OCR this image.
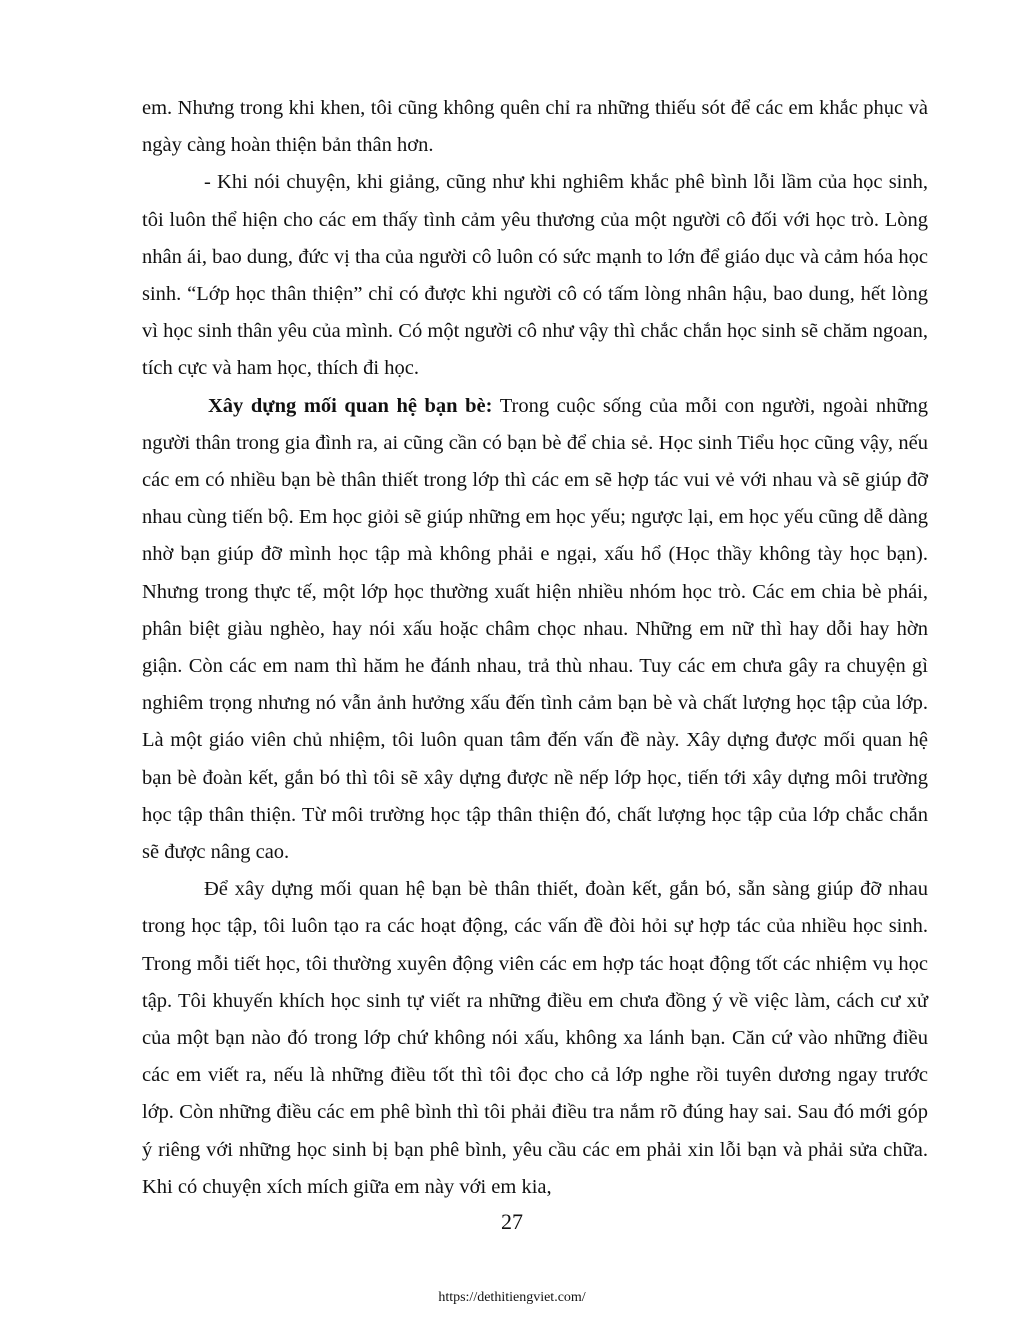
em. Nhưng trong khi khen, tôi cũng không quên chỉ ra những thiếu sót để các em khắc phục và ngày càng hoàn thiện bản thân hơn.

- Khi nói chuyện, khi giảng, cũng như khi nghiêm khắc phê bình lỗi lầm của học sinh, tôi luôn thể hiện cho các em thấy tình cảm yêu thương của một người cô đối với học trò. Lòng nhân ái, bao dung, đức vị tha của người cô luôn có sức mạnh to lớn để giáo dục và cảm hóa học sinh. “Lớp học thân thiện” chỉ có được khi người cô có tấm lòng nhân hậu, bao dung, hết lòng vì học sinh thân yêu của mình. Có một người cô như vậy thì chắc chắn học sinh sẽ chăm ngoan, tích cực và ham học, thích đi học.

Xây dựng mối quan hệ bạn bè: Trong cuộc sống của mỗi con người, ngoài những người thân trong gia đình ra, ai cũng cần có bạn bè để chia sẻ. Học sinh Tiểu học cũng vậy, nếu các em có nhiều bạn bè thân thiết trong lớp thì các em sẽ hợp tác vui vẻ với nhau và sẽ giúp đỡ nhau cùng tiến bộ. Em học giỏi sẽ giúp những em học yếu; ngược lại, em học yếu cũng dễ dàng nhờ bạn giúp đỡ mình học tập mà không phải e ngại, xấu hổ (Học thầy không tày học bạn). Nhưng trong thực tế, một lớp học thường xuất hiện nhiều nhóm học trò. Các em chia bè phái, phân biệt giàu nghèo, hay nói xấu hoặc châm chọc nhau. Những em nữ thì hay dỗi hay hờn giận. Còn các em nam thì hăm he đánh nhau, trả thù nhau. Tuy các em chưa gây ra chuyện gì nghiêm trọng nhưng nó vẫn ảnh hưởng xấu đến tình cảm bạn bè và chất lượng học tập của lớp. Là một giáo viên chủ nhiệm, tôi luôn quan tâm đến vấn đề này. Xây dựng được mối quan hệ bạn bè đoàn kết, gắn bó thì tôi sẽ xây dựng được nề nếp lớp học, tiến tới xây dựng môi trường học tập thân thiện. Từ môi trường học tập thân thiện đó, chất lượng học tập của lớp chắc chắn sẽ được nâng cao.

Để xây dựng mối quan hệ bạn bè thân thiết, đoàn kết, gắn bó, sẵn sàng giúp đỡ nhau trong học tập, tôi luôn tạo ra các hoạt động, các vấn đề đòi hỏi sự hợp tác của nhiều học sinh. Trong mỗi tiết học, tôi thường xuyên động viên các em hợp tác hoạt động tốt các nhiệm vụ học tập. Tôi khuyến khích học sinh tự viết ra những điều em chưa đồng ý về việc làm, cách cư xử của một bạn nào đó trong lớp chứ không nói xấu, không xa lánh bạn. Căn cứ vào những điều các em viết ra, nếu là những điều tốt thì tôi đọc cho cả lớp nghe rồi tuyên dương ngay trước lớp. Còn những điều các em phê bình thì tôi phải điều tra nắm rõ đúng hay sai. Sau đó mới góp ý riêng với những học sinh bị bạn phê bình, yêu cầu các em phải xin lỗi bạn và phải sửa chữa. Khi có chuyện xích mích giữa em này với em kia,

27
https://dethitiengviet.com/
